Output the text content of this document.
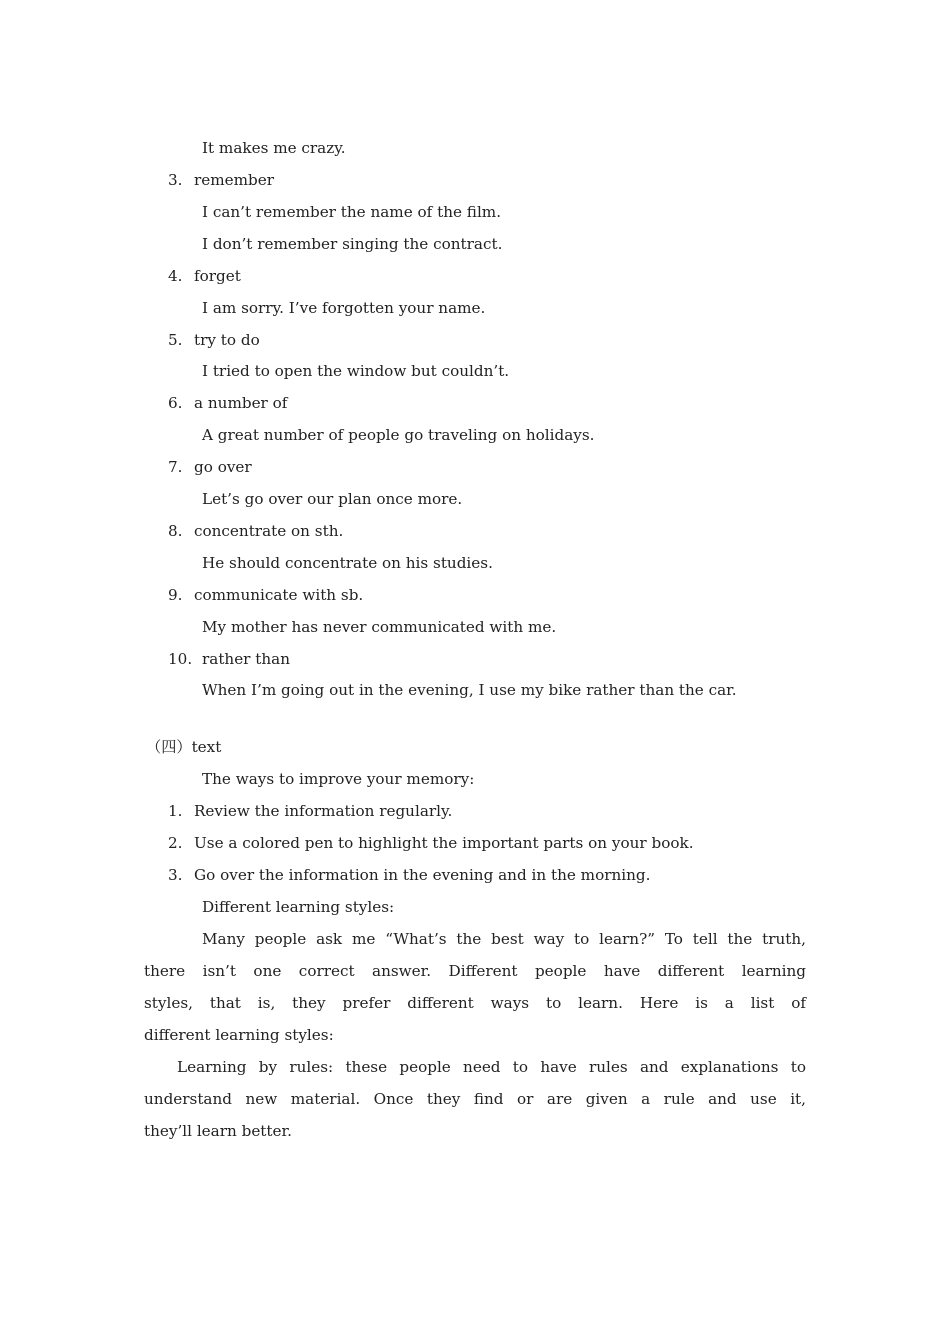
It makes me crazy.
3. remember
I can’t remember the name of the film.
I don’t remember singing the contract.
4. forget
I am sorry. I’ve forgotten your name.
5. try to do
I tried to open the window but couldn’t.
6. a number of
A great number of people go traveling on holidays.
7. go over
Let’s go over our plan once more.
8. concentrate on sth.
He should concentrate on his studies.
9. communicate with sb.
My mother has never communicated with me.
10. rather than
When I’m going out in the evening, I use my bike rather than the car.
（四）text
The ways to improve your memory:
1. Review the information regularly.
2. Use a colored pen to highlight the important parts on your book.
3. Go over the information in the evening and in the morning.
Different learning styles:
Many people ask me “What’s the best way to learn?” To tell the truth,
there isn’t one correct answer. Different people have different learning
styles, that is, they prefer different ways to learn. Here is a list of
different learning styles:
Learning by rules: these people need to have rules and explanations to
understand new material. Once they find or are given a rule and use it,
they’ll learn better.
